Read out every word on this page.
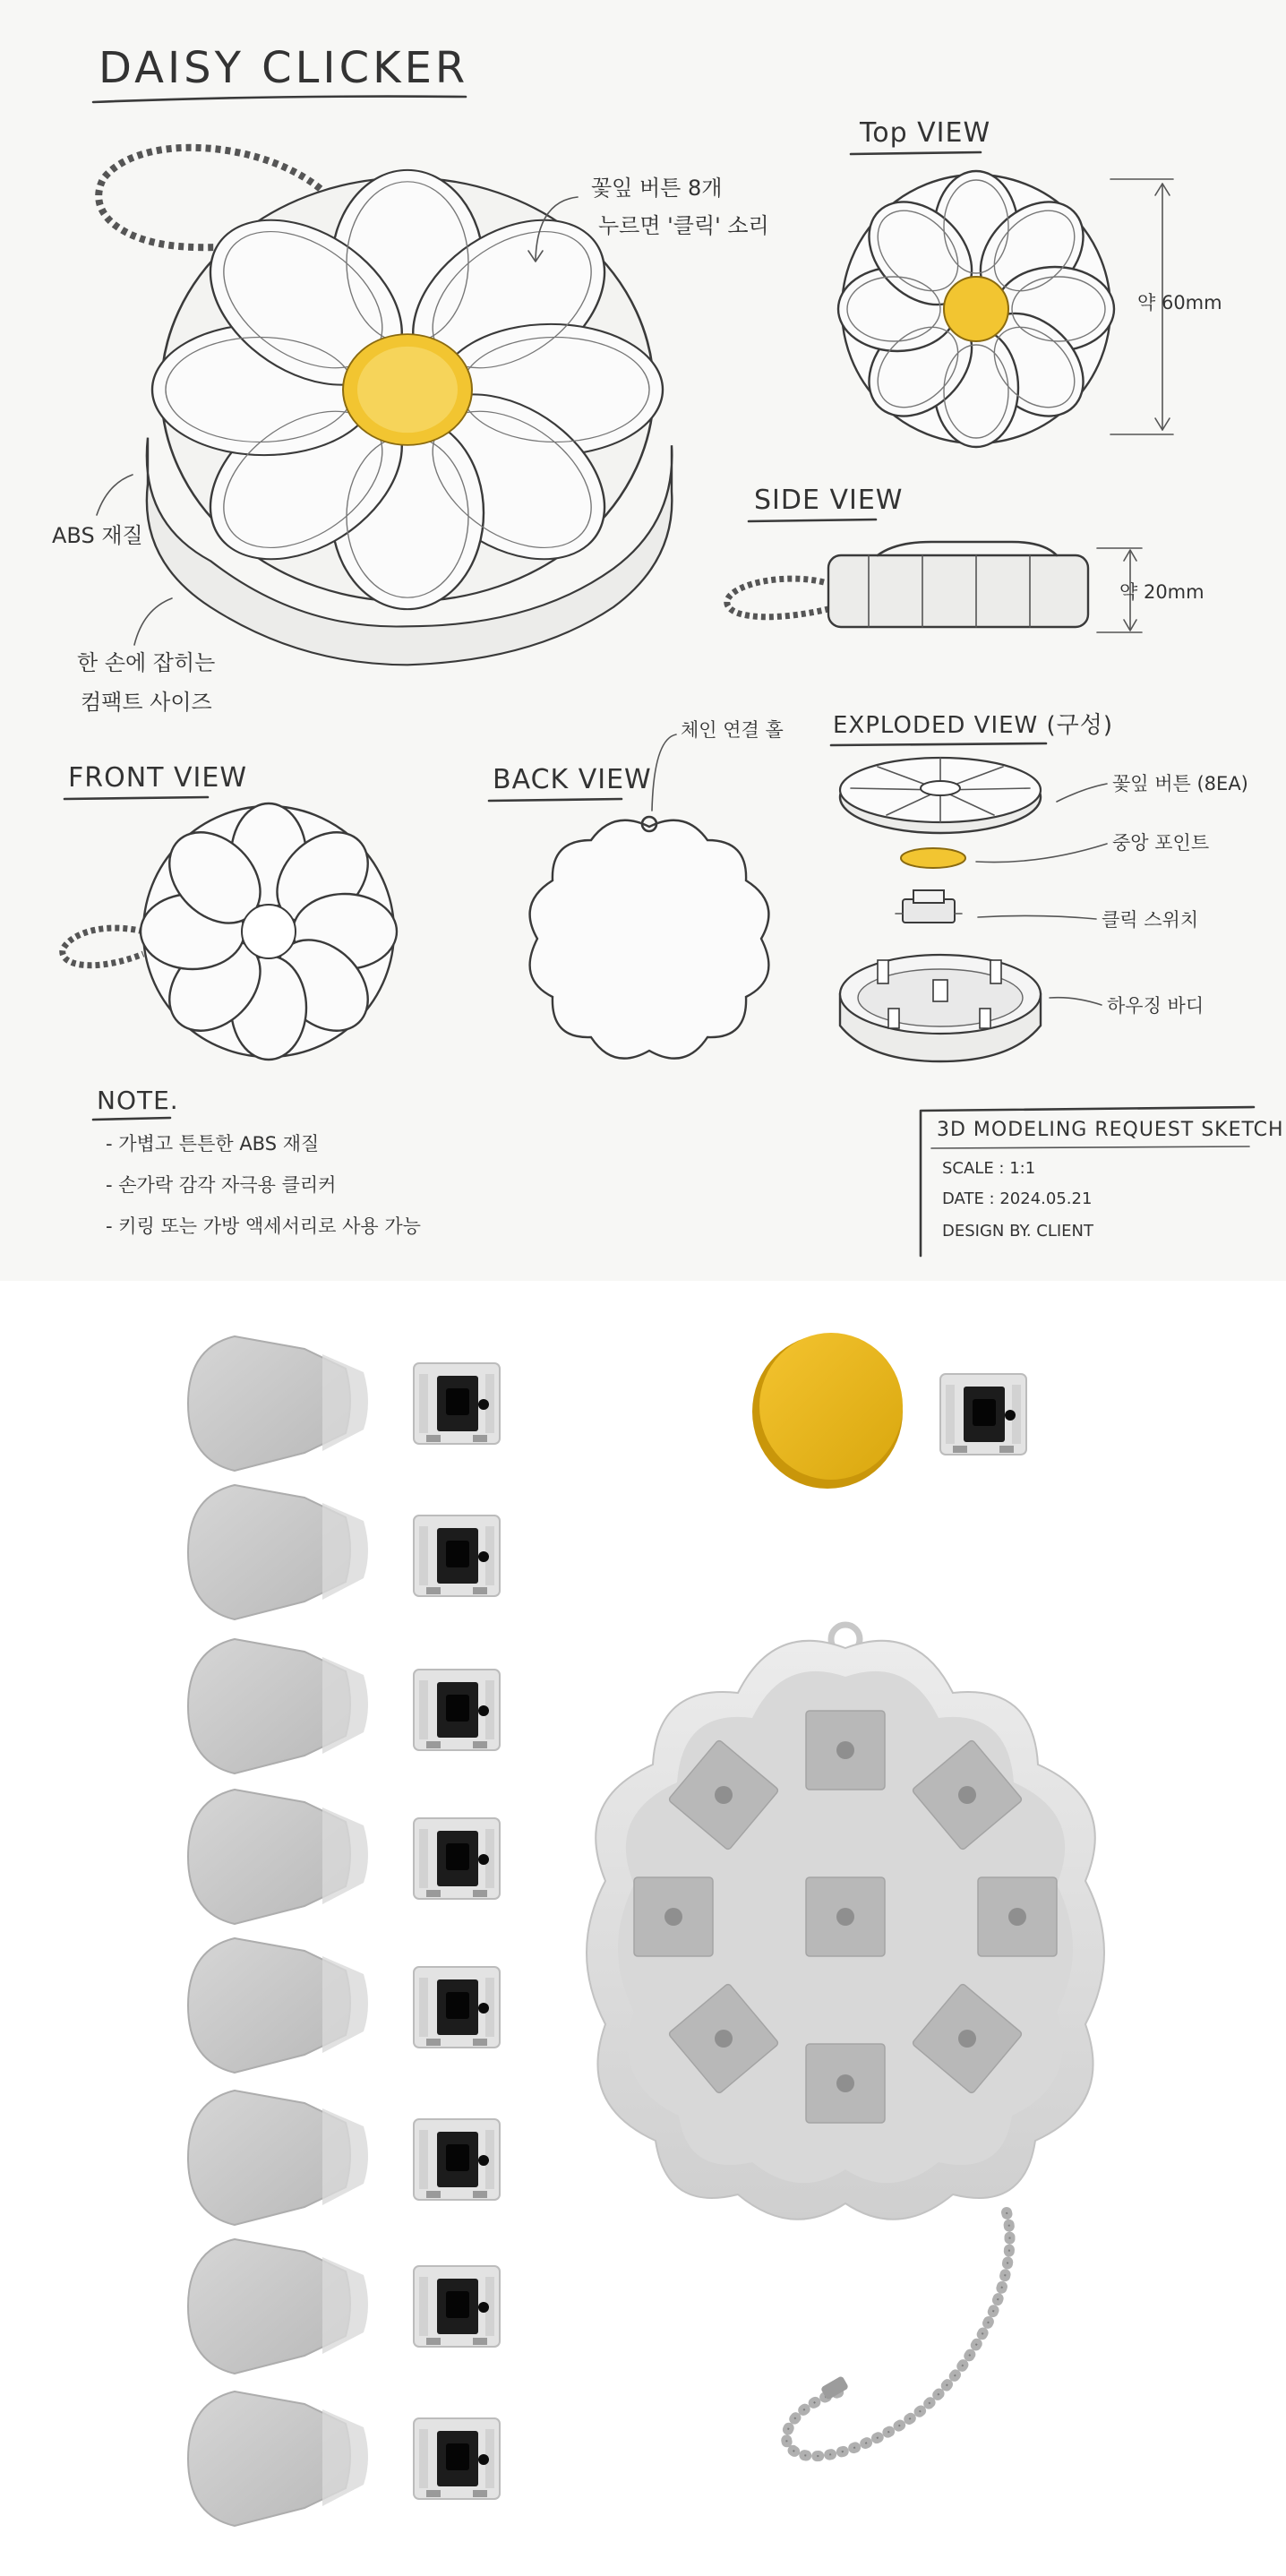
DAISY CLICKER
꽃잎 버튼 8개
누르면 '클릭' 소리
ABS 재질
한 손에 잡히는
컴팩트 사이즈
Top VIEW
약 60mm
SIDE VIEW
약 20mm
FRONT VIEW	BACK VIEW
체인 연결 홀 EXPLODED VIEW (구성)
꽃잎 버튼 (8EA)
중앙 포인트
클릭 스위치
하우징 바디
NOTE.
- 가볍고 튼튼한 ABS 재질
- 손가락 감각 자극용 클리커
- 키링 또는 가방 액세서리로 사용 가능
3D MODELING REQUEST SKETCH
SCALE : 1:1
DATE : 2024.05.21
DESIGN BY. CLIENT
